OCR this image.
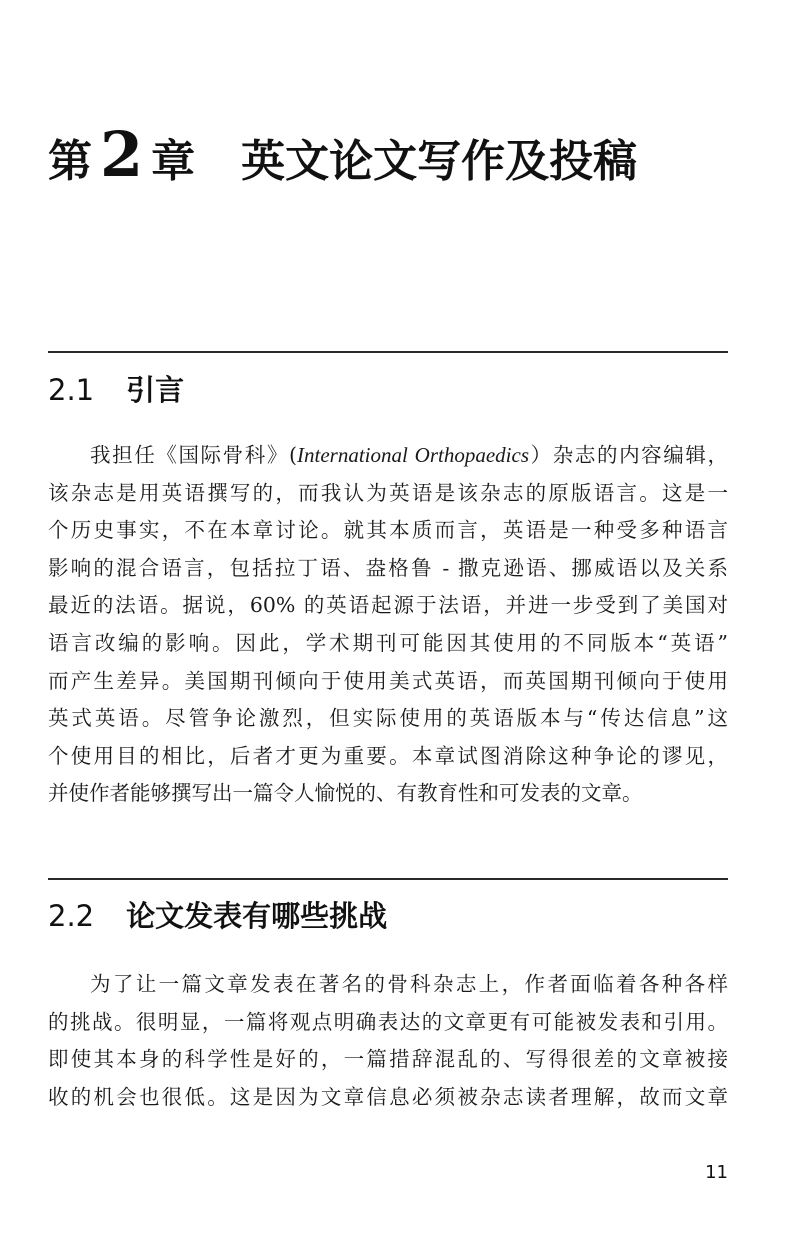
第 2 章 英文论文写作及投稿
2.1 引言

我担任《国际骨科》(International Orthopaedics）杂志的内容编辑，
该杂志是用英语撰写的，而我认为英语是该杂志的原版语言。这是一
个历史事实，不在本章讨论。就其本质而言，英语是一种受多种语言
影响的混合语言，包括拉丁语、盎格鲁 - 撒克逊语、挪威语以及关系
最近的法语。据说，60% 的英语起源于法语，并进一步受到了美国对
语言改编的影响。因此，学术期刊可能因其使用的不同版本“英语”
而产生差异。美国期刊倾向于使用美式英语，而英国期刊倾向于使用
英式英语。尽管争论激烈，但实际使用的英语版本与“传达信息”这
个使用目的相比，后者才更为重要。本章试图消除这种争论的谬见，
并使作者能够撰写出一篇令人愉悦的、有教育性和可发表的文章。

2.2 论文发表有哪些挑战

为了让一篇文章发表在著名的骨科杂志上，作者面临着各种各样
的挑战。很明显，一篇将观点明确表达的文章更有可能被发表和引用。
即使其本身的科学性是好的，一篇措辞混乱的、写得很差的文章被接
收的机会也很低。这是因为文章信息必须被杂志读者理解，故而文章

11
